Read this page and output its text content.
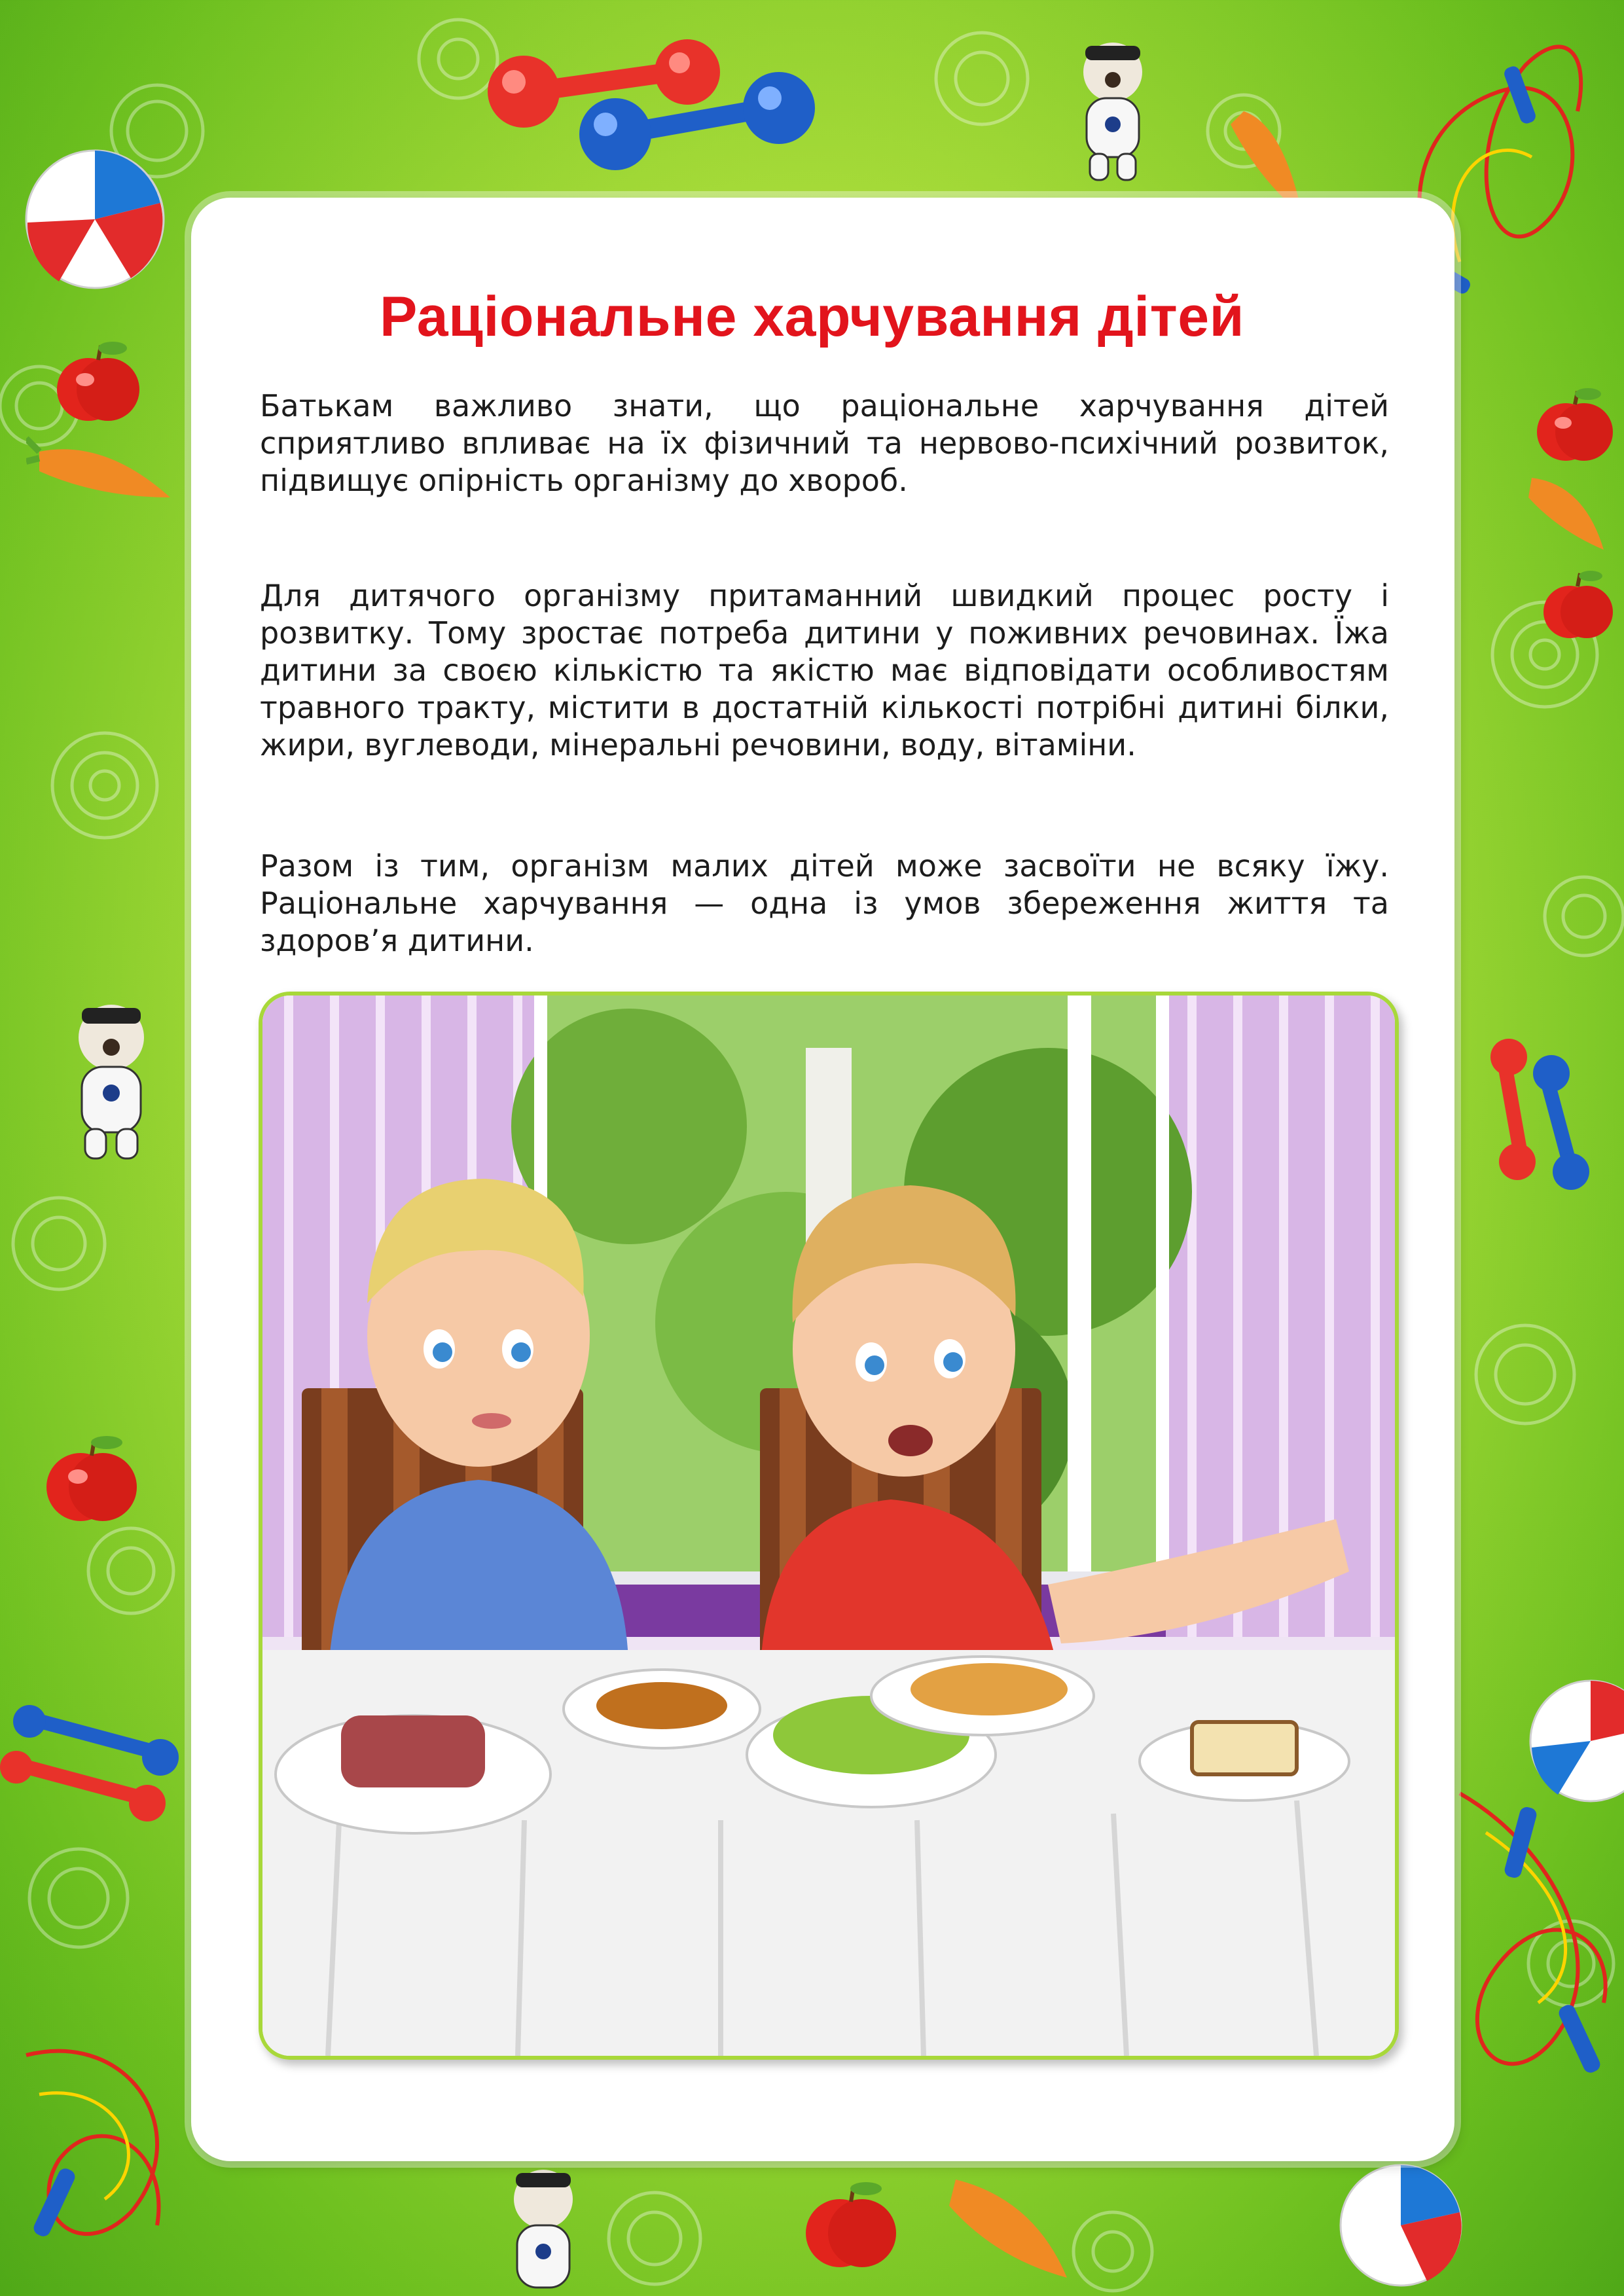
Раціональне харчування дітей

Батькам важливо знати, що раціональне харчування дітей сприятливо впливає на їх фізичний та нервово-психічний розвиток, підвищує опірність організму до хвороб.

Для дитячого організму притаманний швидкий процес росту і розвитку. Тому зростає потреба дитини у поживних речовинах. Їжа дитини за своєю кількістю та якістю має відповідати особливостям травного тракту, містити в достатній кількості потрібні дитині білки, жири, вуглеводи, мінеральні речовини, воду, вітаміни.

Разом із тим, організм малих дітей може засвоїти не всяку їжу. Раціональне харчування — одна із умов збереження життя та здоров’я дитини.
